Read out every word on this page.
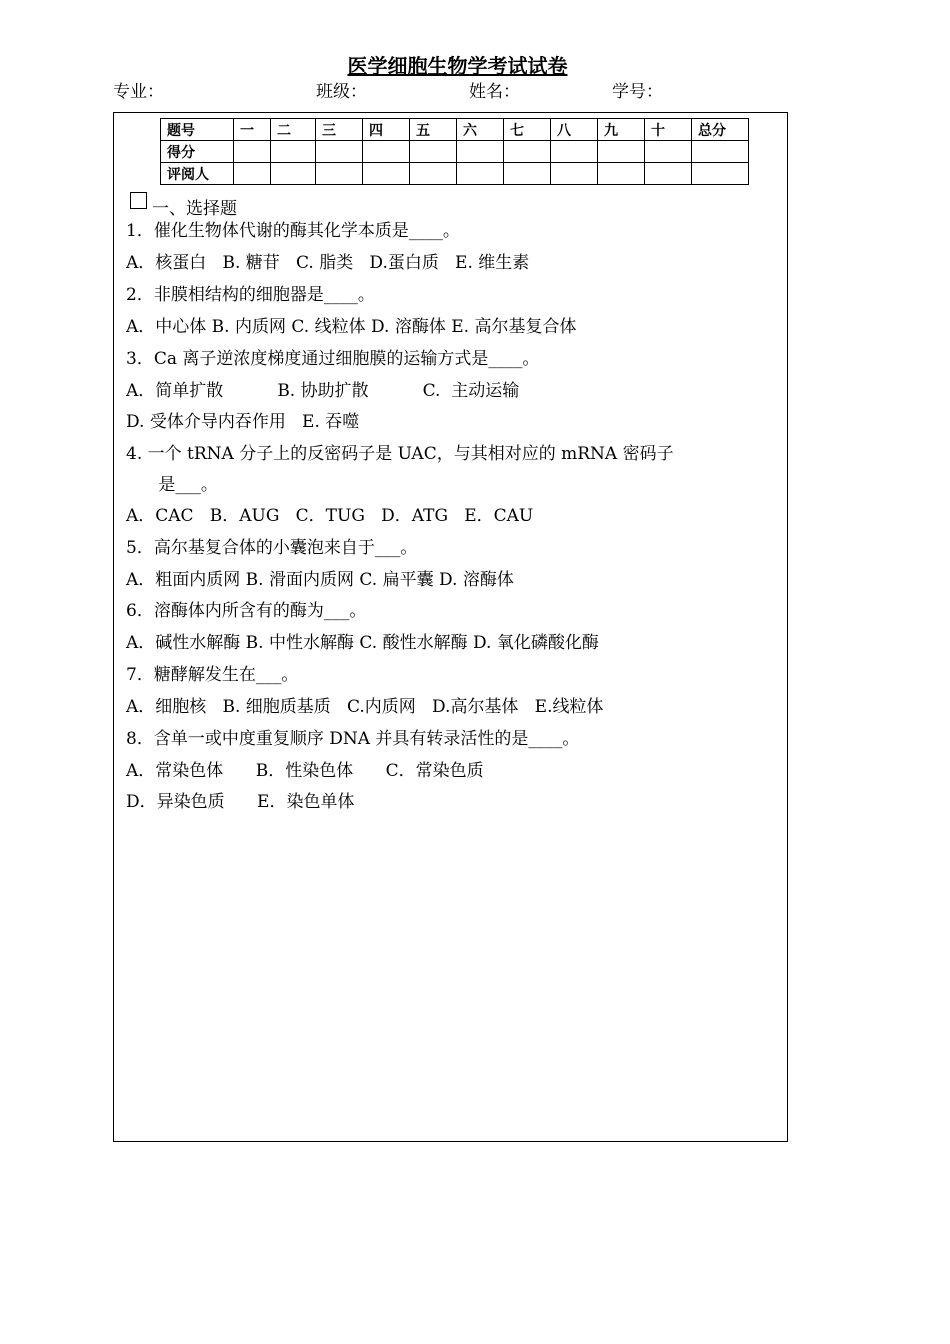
医学细胞生物学考试试卷
专业：	班级：	姓名：	学号：
题号	一	二	三	四	五	六	七	八	九	十	总分
得分											
评阅人											
一、选择题
1．催化生物体代谢的酶其化学本质是____。
A．核蛋白   B. 糖苷   C. 脂类   D.蛋白质   E. 维生素
2．非膜相结构的细胞器是____。
A．中心体 B. 内质网 C. 线粒体 D. 溶酶体 E. 高尔基复合体
3．Ca 离子逆浓度梯度通过细胞膜的运输方式是____。
A．简单扩散          B. 协助扩散          C.  主动运输
D. 受体介导内吞作用   E. 吞噬
4. 一个 tRNA 分子上的反密码子是 UAC，与其相对应的 mRNA 密码子
是___。
A．CAC   B．AUG   C．TUG   D．ATG   E．CAU
5．高尔基复合体的小囊泡来自于___。
A．粗面内质网 B. 滑面内质网 C. 扁平囊 D. 溶酶体
6．溶酶体内所含有的酶为___。
A．碱性水解酶 B. 中性水解酶 C. 酸性水解酶 D. 氧化磷酸化酶
7．糖酵解发生在___。
A．细胞核   B. 细胞质基质   C.内质网   D.高尔基体   E.线粒体
8．含单一或中度重复顺序 DNA 并具有转录活性的是____。
A．常染色体      B．性染色体      C．常染色质
D．异染色质      E．染色单体
